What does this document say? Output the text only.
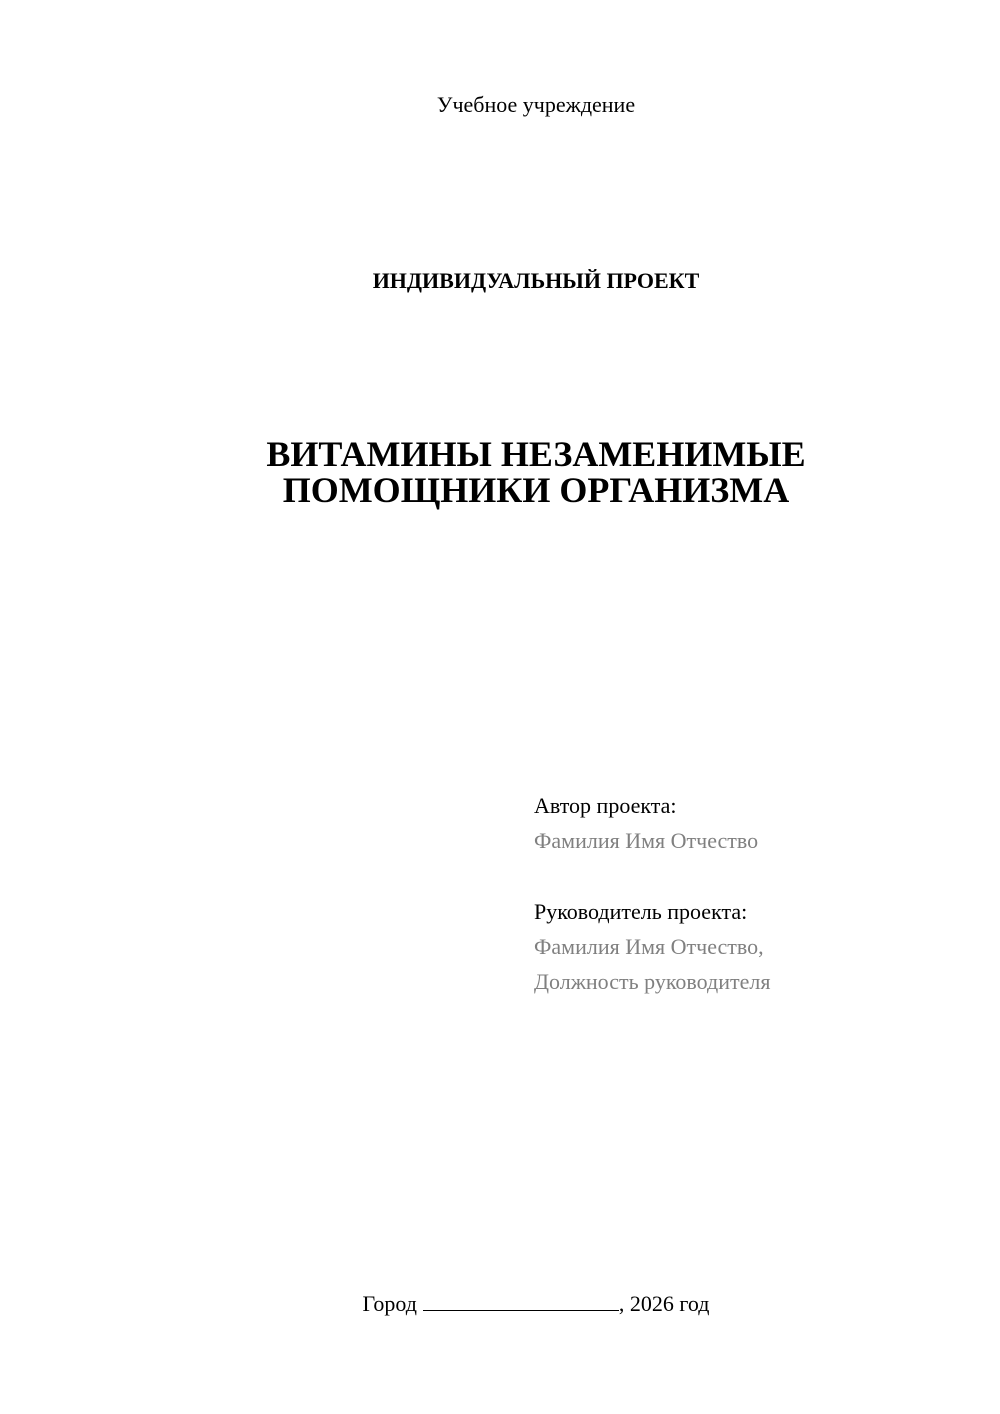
Учебное учреждение
ИНДИВИДУАЛЬНЫЙ ПРОЕКТ
ВИТАМИНЫ НЕЗАМЕНИМЫЕ
ПОМОЩНИКИ ОРГАНИЗМА
Автор проекта:
Фамилия Имя Отчество
Руководитель проекта:
Фамилия Имя Отчество,
Должность руководителя
Город	, 2026 год
